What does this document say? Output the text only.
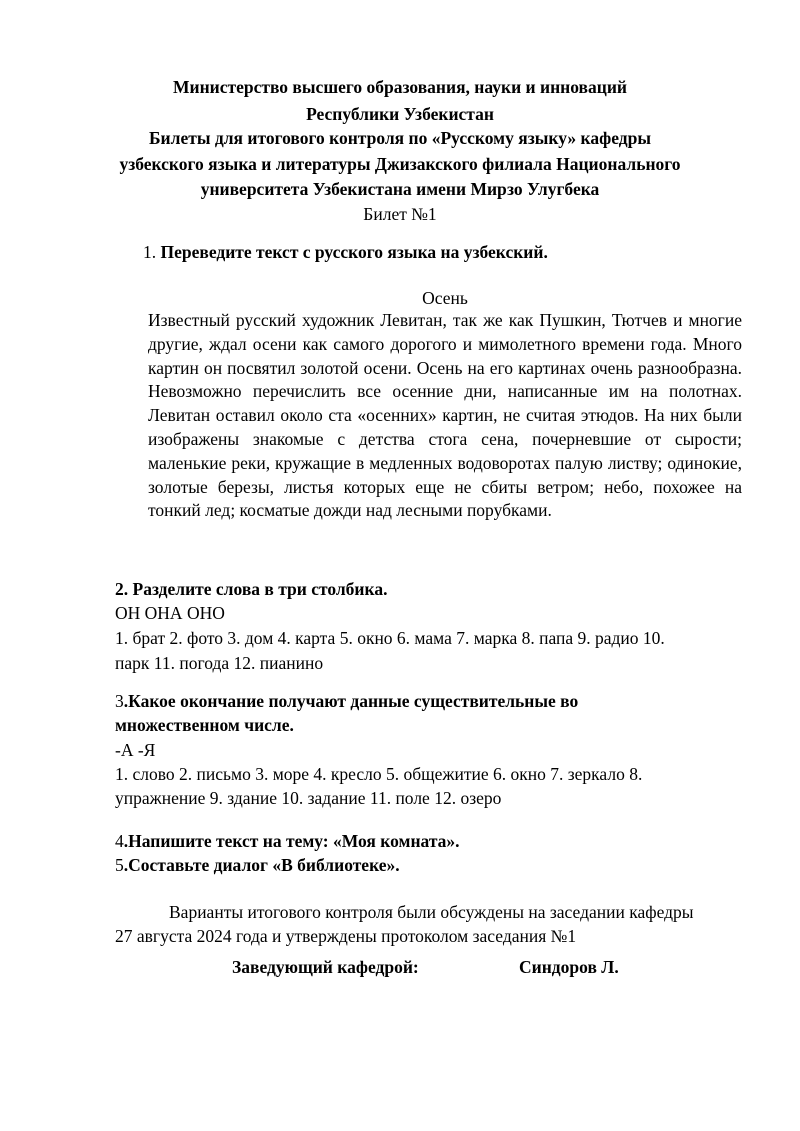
Министерство высшего образования, науки и инноваций
Республики Узбекистан
Билеты для итогового контроля по «Русскому языку» кафедры
узбекского языка и литературы Джизакского филиала Национального
университета Узбекистана имени Мирзо Улугбека
Билет №1
1. Переведите текст с русского языка на узбекский.
Осень
Известный русский художник Левитан, так же как Пушкин, Тютчев и многие другие, ждал осени как самого дорогого и мимолетного времени года. Много картин он посвятил золотой осени. Осень на его картинах очень разнообразна. Невозможно перечислить все осенние дни, написанные им на полотнах. Левитан оставил около ста «осенних» картин, не считая этюдов. На них были изображены знакомые с детства стога сена, почерневшие от сырости; маленькие реки, кружащие в медленных водоворотах палую листву; одинокие, золотые березы, листья которых еще не сбиты ветром; небо, похожее на тонкий лед; косматые дожди над лесными порубками.
2. Разделите слова в три столбика.
ОН ОНА ОНО
1. брат 2. фото 3. дом 4. карта 5. окно 6. мама 7. марка 8. папа 9. радио 10.
парк 11. погода 12. пианино
3.Какое окончание получают данные существительные во
множественном числе.
-А -Я
1. слово 2. письмо 3. море 4. кресло 5. общежитие 6. окно 7. зеркало 8.
упражнение 9. здание 10. задание 11. поле 12. озеро
4.Напишите текст на тему: «Моя комната».
5.Составьте диалог «В библиотеке».
Варианты итогового контроля были обсуждены на заседании кафедры
27 августа 2024 года и утверждены протоколом заседания №1
Заведующий кафедрой:	Синдоров Л.
